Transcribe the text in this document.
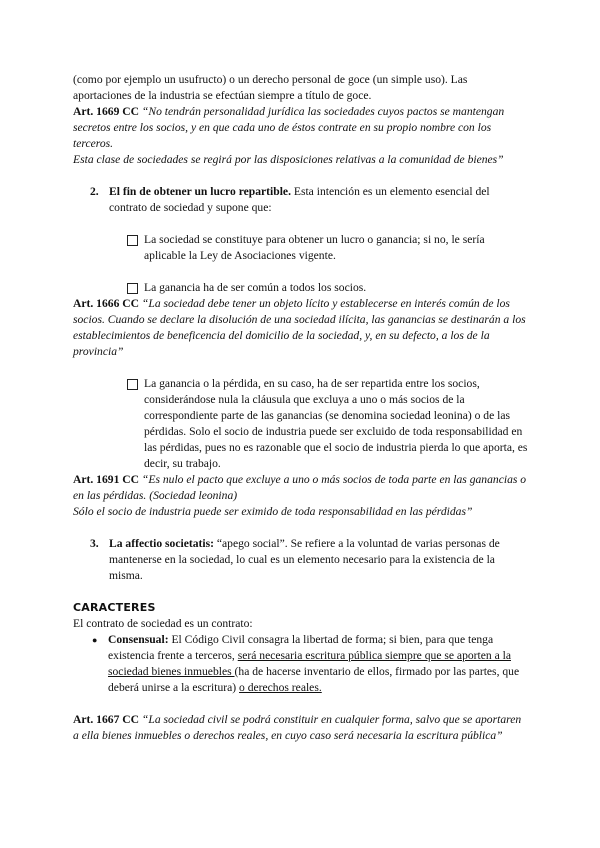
(como por ejemplo un usufructo) o un derecho personal de goce (un simple uso). Las aportaciones de la industria se efectúan siempre a título de goce.

Art. 1669 CC “No tendrán personalidad jurídica las sociedades cuyos pactos se mantengan secretos entre los socios, y en que cada uno de éstos contrate en su propio nombre con los terceros.

Esta clase de sociedades se regirá por las disposiciones relativas a la comunidad de bienes”

2. El fin de obtener un lucro repartible. Esta intención es un elemento esencial del contrato de sociedad y supone que:
La sociedad se constituye para obtener un lucro o ganancia; si no, le sería aplicable la Ley de Asociaciones vigente.
La ganancia ha de ser común a todos los socios.

Art. 1666 CC “La sociedad debe tener un objeto lícito y establecerse en interés común de los socios. Cuando se declare la disolución de una sociedad ilícita, las ganancias se destinarán a los establecimientos de beneficencia del domicilio de la sociedad, y, en su defecto, a los de la provincia”

La ganancia o la pérdida, en su caso, ha de ser repartida entre los socios, considerándose nula la cláusula que excluya a uno o más socios de la correspondiente parte de las ganancias (se denomina sociedad leonina) o de las pérdidas. Solo el socio de industria puede ser excluido de toda responsabilidad en las pérdidas, pues no es razonable que el socio de industria pierda lo que aporta, es decir, su trabajo.

Art. 1691 CC “Es nulo el pacto que excluye a uno o más socios de toda parte en las ganancias o en las pérdidas. (Sociedad leonina)

Sólo el socio de industria puede ser eximido de toda responsabilidad en las pérdidas”

3. La affectio societatis: “apego social”. Se refiere a la voluntad de varias personas de mantenerse en la sociedad, lo cual es un elemento necesario para la existencia de la misma.

CARACTERES

El contrato de sociedad es un contrato:

● Consensual: El Código Civil consagra la libertad de forma; si bien, para que tenga existencia frente a terceros, será necesaria escritura pública siempre que se aporten a la sociedad bienes inmuebles (ha de hacerse inventario de ellos, firmado por las partes, que deberá unirse a la escritura) o derechos reales.

Art. 1667 CC “La sociedad civil se podrá constituir en cualquier forma, salvo que se aportaren a ella bienes inmuebles o derechos reales, en cuyo caso será necesaria la escritura pública”
